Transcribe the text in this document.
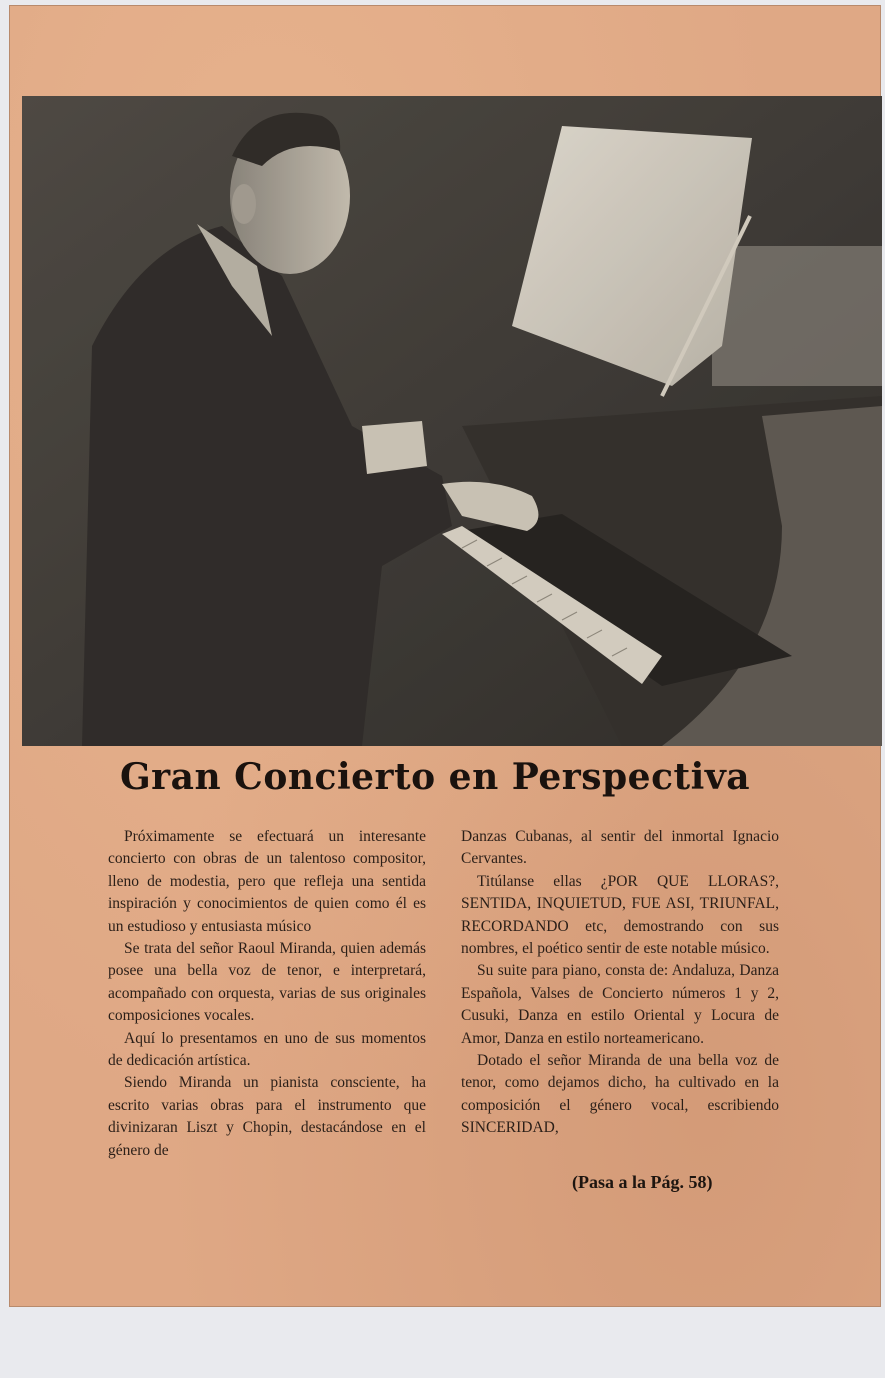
Gran Concierto en Perspectiva

Próximamente se efectuará un interesante concierto con obras de un talentoso compositor, lleno de modestia, pero que refleja una sentida inspiración y conocimientos de quien como él es un estudioso y entusiasta músico

Se trata del señor Raoul Miranda, quien además posee una bella voz de tenor, e interpretará, acompañado con orquesta, varias de sus originales composiciones vocales.

Aquí lo presentamos en uno de sus momentos de dedicación artística.

Siendo Miranda un pianista consciente, ha escrito varias obras para el instrumento que divinizaran Liszt y Chopin, destacándose en el género de

Danzas Cubanas, al sentir del inmortal Ignacio Cervantes.

Titúlanse ellas ¿POR QUE LLORAS?, SENTIDA, INQUIETUD, FUE ASI, TRIUNFAL, RECORDANDO etc, demostrando con sus nombres, el poético sentir de este notable músico.

Su suite para piano, consta de: Andaluza, Danza Española, Valses de Concierto números 1 y 2, Cusuki, Danza en estilo Oriental y Locura de Amor, Danza en estilo norteamericano.

Dotado el señor Miranda de una bella voz de tenor, como dejamos dicho, ha cultivado en la composición el género vocal, escribiendo SINCERIDAD,

(Pasa a la Pág. 58)
